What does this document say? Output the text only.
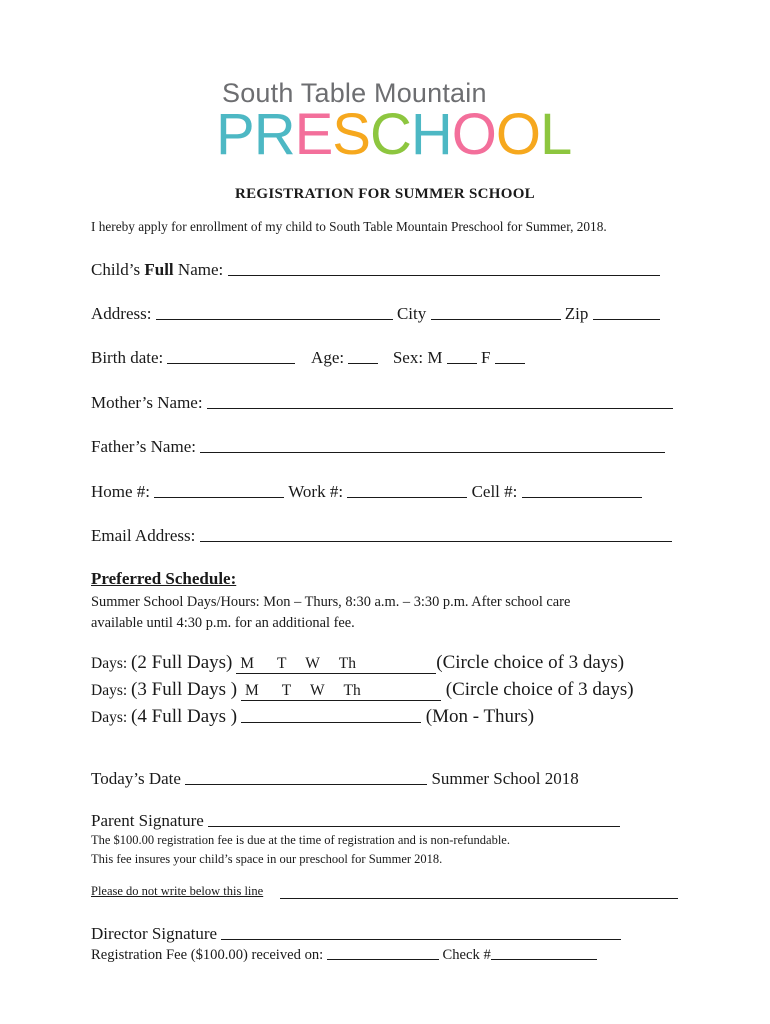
South Table Mountain
PRESCHOOL
REGISTRATION FOR SUMMER SCHOOL
I hereby apply for enrollment of my child to South Table Mountain Preschool for Summer, 2018.
Child’s Full Name:
Address:	City	Zip
Birth date:	Age:	Sex: M F
Mother’s Name:
Father’s Name:
Home #:	Work #:	Cell #:
Email Address:
Preferred Schedule:
Summer School Days/Hours: Mon – Thurs, 8:30 a.m. – 3:30 p.m. After school care
available until 4:30 p.m. for an additional fee.
Days: (2 Full Days) M      T     W     Th	(Circle choice of 3 days)
Days: (3 Full Days ) M      T     W     Th	(Circle choice of 3 days)
Days: (4 Full Days )	(Mon - Thurs)
Today’s Date	Summer School 2018
Parent Signature
The $100.00 registration fee is due at the time of registration and is non-refundable.
This fee insures your child’s space in our preschool for Summer 2018.
Please do not write below this line
Director Signature
Registration Fee ($100.00) received on:	Check #
